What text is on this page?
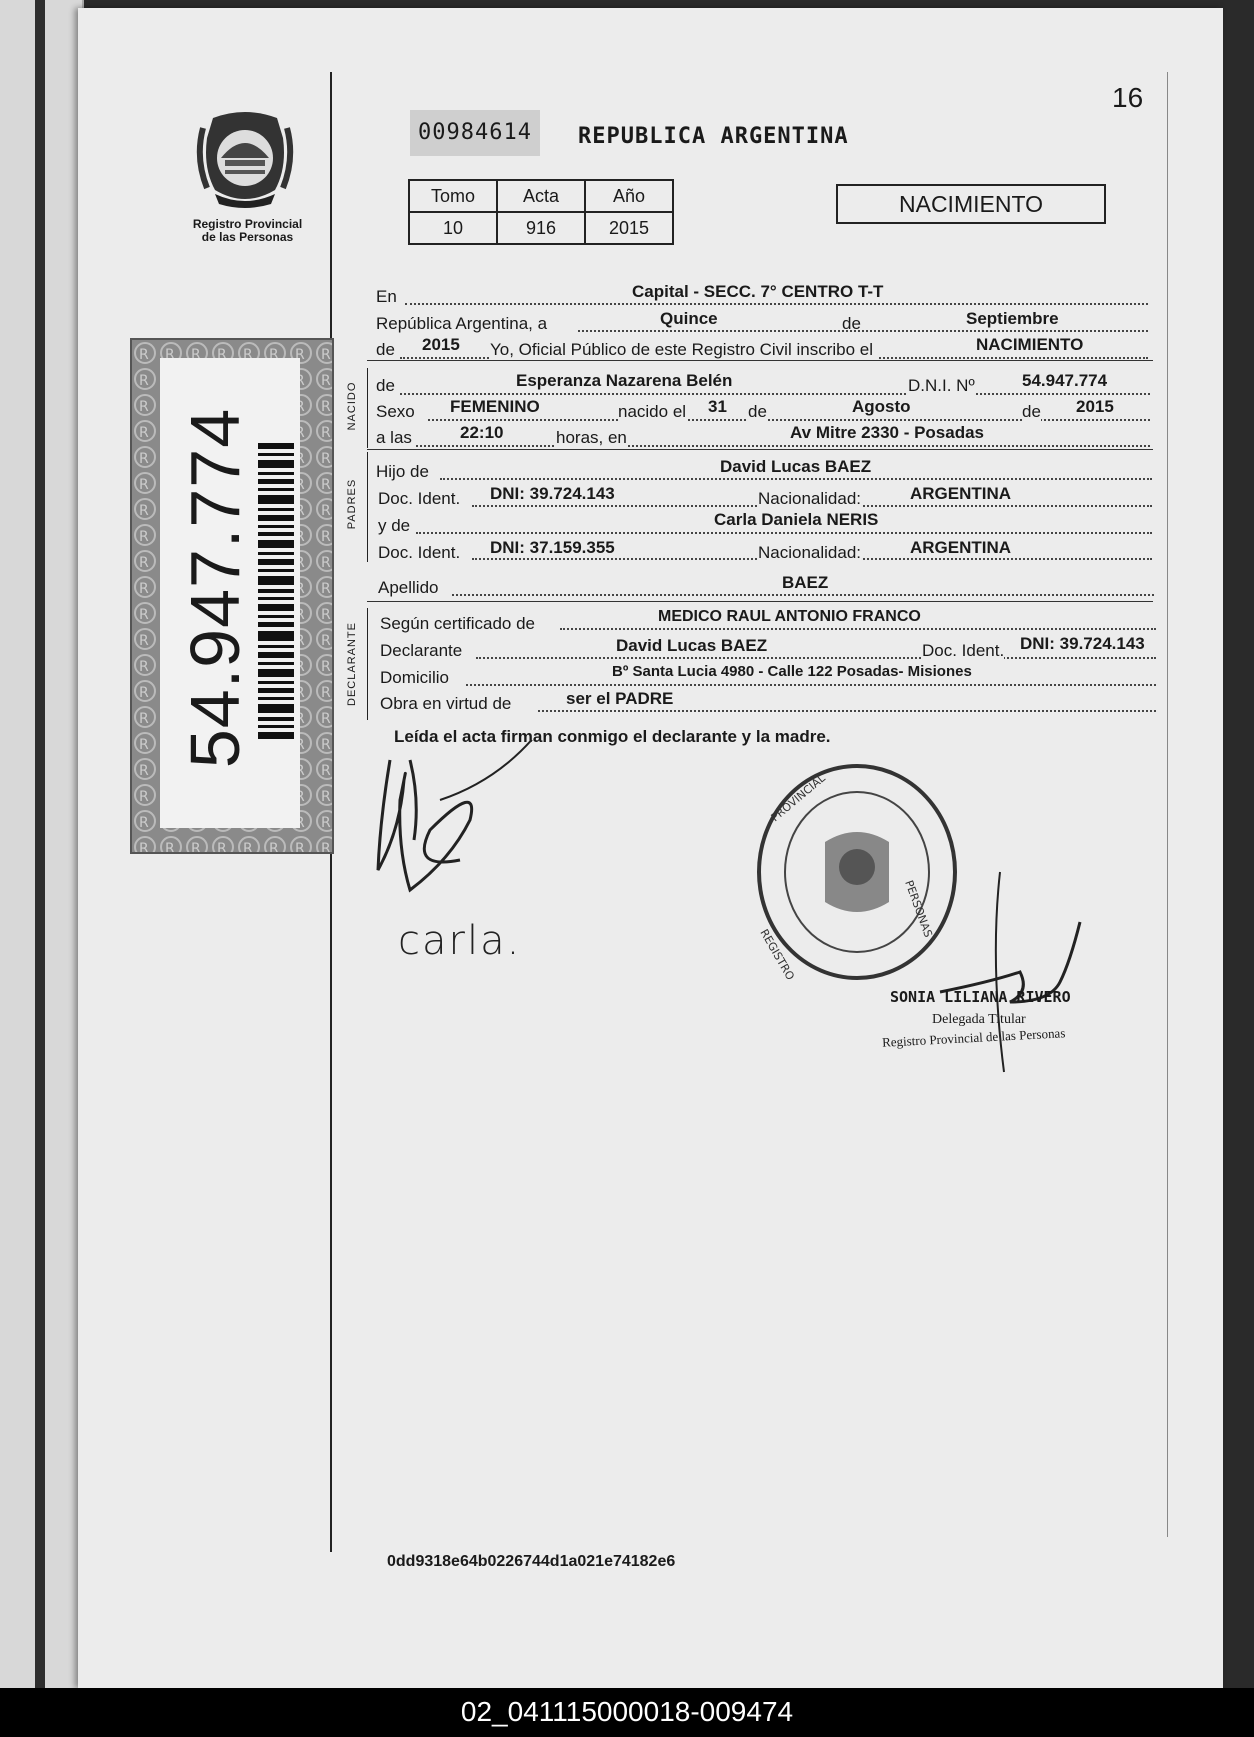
16
Registro Provincial
de las Personas
54.947.774
00984614	REPUBLICA ARGENTINA
Tomo	Acta	Año
10	916	2015
NACIMIENTO
NACIDO
PADRES
DECLARANTE
En	Capital - SECC. 7° CENTRO T-T
República Argentina, a	Quince	de	Septiembre
de 2015 Yo, Oficial Público de este Registro Civil inscribo el	NACIMIENTO
de	Esperanza Nazarena Belén	D.N.I. Nº	54.947.774
Sexo FEMENINO	nacido el 31 de	Agosto	de 2015
a las	22:10	horas, en	Av Mitre 2330 - Posadas
Hijo de	David Lucas BAEZ
Doc. Ident. DNI: 39.724.143	Nacionalidad:	ARGENTINA
y de	Carla Daniela NERIS
Doc. Ident. DNI: 37.159.355	Nacionalidad:	ARGENTINA
Apellido	BAEZ
Según certificado de	MEDICO RAUL ANTONIO FRANCO
Declarante	David Lucas BAEZ	Doc. Ident. DNI: 39.724.143
Domicilio	Bº Santa Lucia 4980 - Calle 122 Posadas- Misiones
Obra en virtud de	ser el PADRE
Leída el acta firman conmigo el declarante y la madre.
carla.
PROVINCIAL
PERSONAS
REGISTRO
SONIA LILIANA RIVERO
Delegada Titular
Registro Provincial de las Personas
0dd9318e64b0226744d1a021e74182e6
02_041115000018-009474
